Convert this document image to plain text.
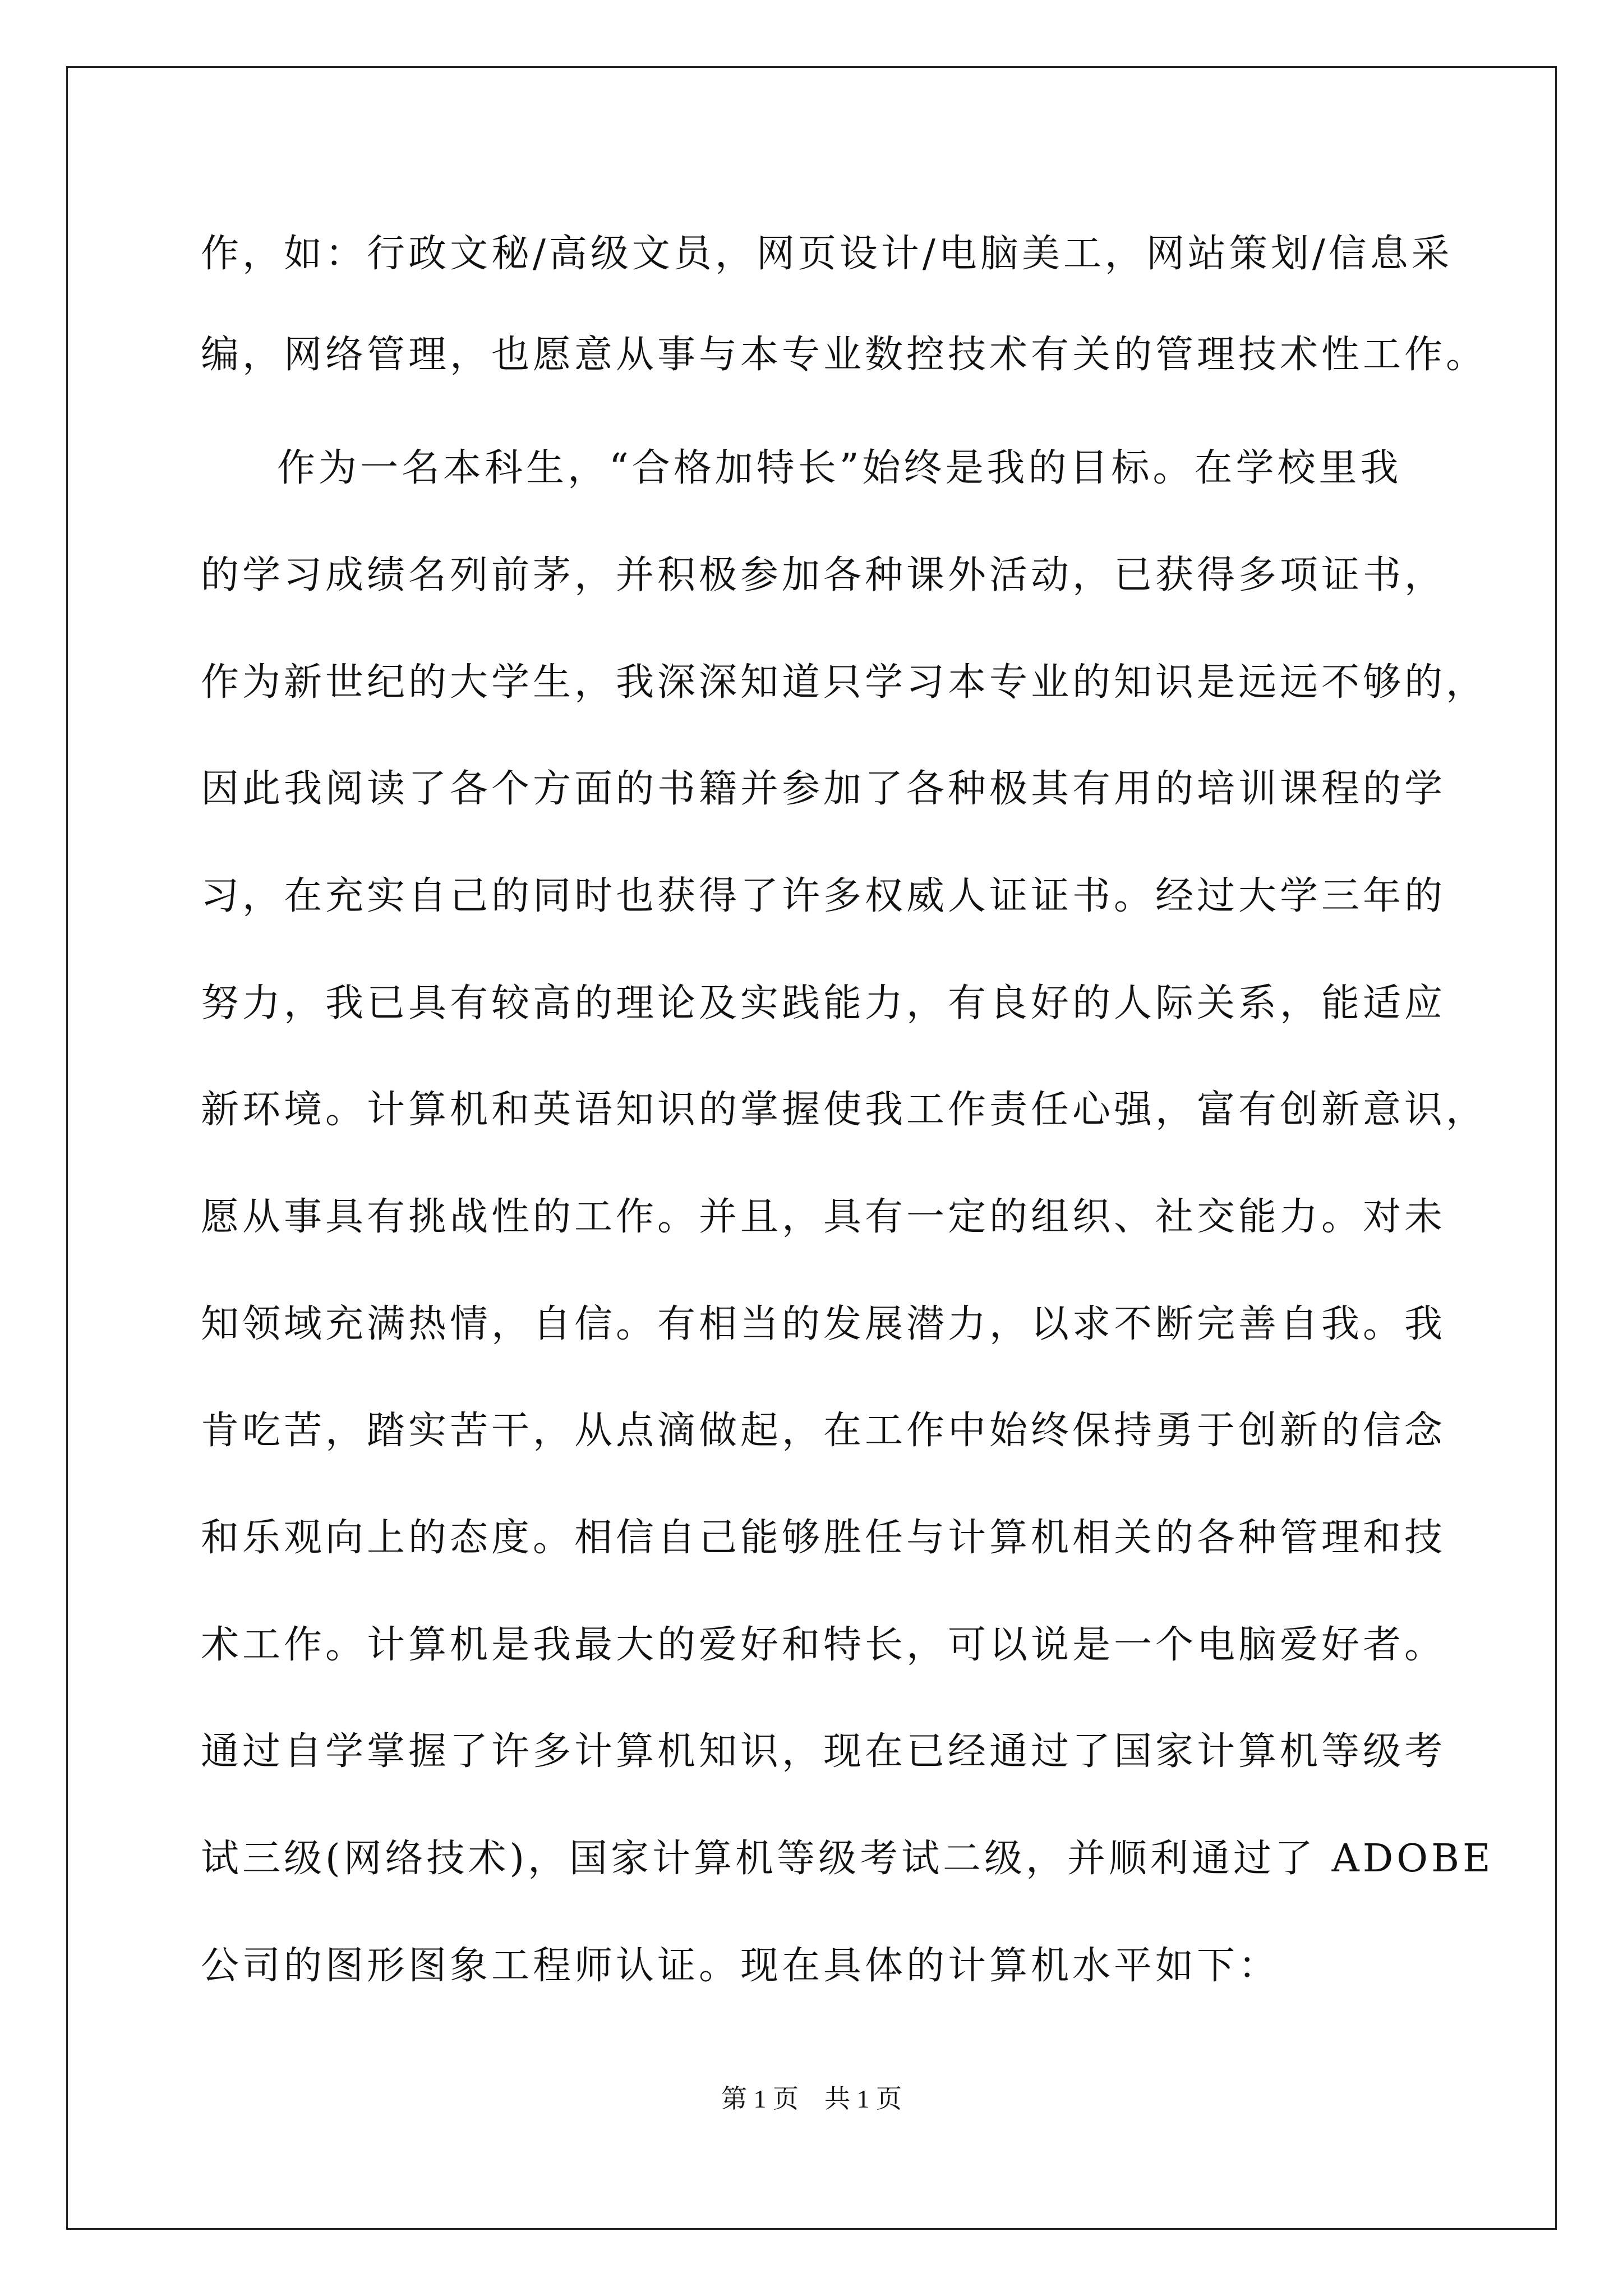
作，如：行政文秘/高级文员，网页设计/电脑美工，网站策划/信息采
编，网络管理，也愿意从事与本专业数控技术有关的管理技术性工作。
作为一名本科生，“合格加特长”始终是我的目标。在学校里我
的学习成绩名列前茅，并积极参加各种课外活动，已获得多项证书，
作为新世纪的大学生，我深深知道只学习本专业的知识是远远不够的，
因此我阅读了各个方面的书籍并参加了各种极其有用的培训课程的学
习，在充实自己的同时也获得了许多权威人证证书。经过大学三年的
努力，我已具有较高的理论及实践能力，有良好的人际关系，能适应
新环境。计算机和英语知识的掌握使我工作责任心强，富有创新意识，
愿从事具有挑战性的工作。并且，具有一定的组织、社交能力。对未
知领域充满热情，自信。有相当的发展潜力，以求不断完善自我。我
肯吃苦，踏实苦干，从点滴做起，在工作中始终保持勇于创新的信念
和乐观向上的态度。相信自己能够胜任与计算机相关的各种管理和技
术工作。计算机是我最大的爱好和特长，可以说是一个电脑爱好者。
通过自学掌握了许多计算机知识，现在已经通过了国家计算机等级考
试三级(网络技术)，国家计算机等级考试二级，并顺利通过了 ADOBE
公司的图形图象工程师认证。现在具体的计算机水平如下：
第 1 页　共 1 页
